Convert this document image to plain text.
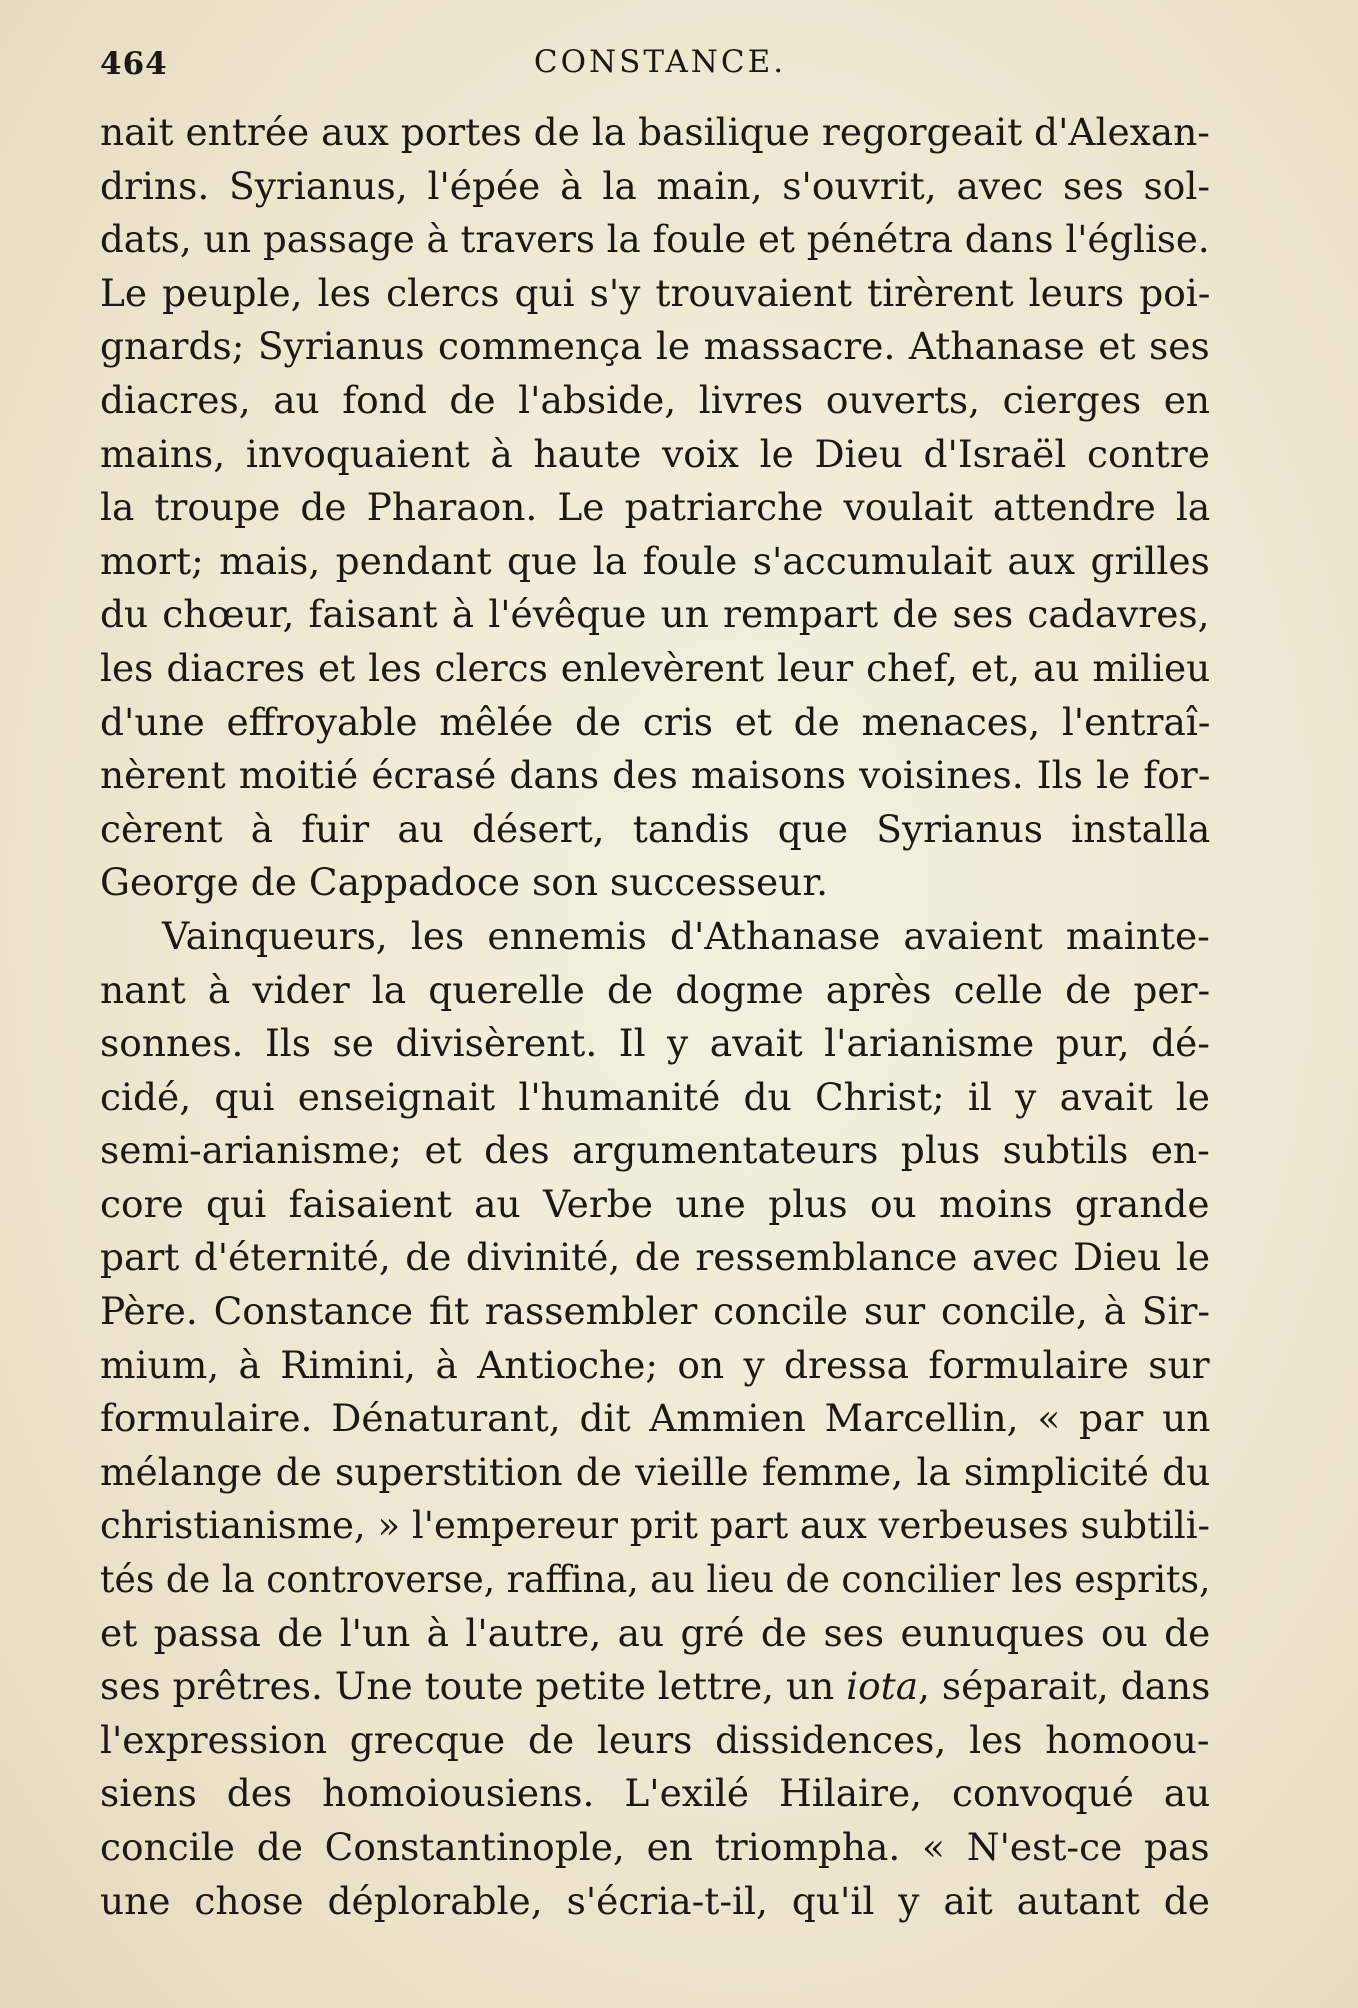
464	CONSTANCE.
nait entrée aux portes de la basilique regorgeait d'Alexan-
drins. Syrianus, l'épée à la main, s'ouvrit, avec ses sol-
dats, un passage à travers la foule et pénétra dans l'église.
Le peuple, les clercs qui s'y trouvaient tirèrent leurs poi-
gnards; Syrianus commença le massacre. Athanase et ses
diacres, au fond de l'abside, livres ouverts, cierges en
mains, invoquaient à haute voix le Dieu d'Israël contre
la troupe de Pharaon. Le patriarche voulait attendre la
mort; mais, pendant que la foule s'accumulait aux grilles
du chœur, faisant à l'évêque un rempart de ses cadavres,
les diacres et les clercs enlevèrent leur chef, et, au milieu
d'une effroyable mêlée de cris et de menaces, l'entraî-
nèrent moitié écrasé dans des maisons voisines. Ils le for-
cèrent à fuir au désert, tandis que Syrianus installa
George de Cappadoce son successeur.
Vainqueurs, les ennemis d'Athanase avaient mainte-
nant à vider la querelle de dogme après celle de per-
sonnes. Ils se divisèrent. Il y avait l'arianisme pur, dé-
cidé, qui enseignait l'humanité du Christ; il y avait le
semi-arianisme; et des argumentateurs plus subtils en-
core qui faisaient au Verbe une plus ou moins grande
part d'éternité, de divinité, de ressemblance avec Dieu le
Père. Constance fit rassembler concile sur concile, à Sir-
mium, à Rimini, à Antioche; on y dressa formulaire sur
formulaire. Dénaturant, dit Ammien Marcellin, « par un
mélange de superstition de vieille femme, la simplicité du
christianisme, » l'empereur prit part aux verbeuses subtili-
tés de la controverse, raffina, au lieu de concilier les esprits,
et passa de l'un à l'autre, au gré de ses eunuques ou de
ses prêtres. Une toute petite lettre, un iota, séparait, dans
l'expression grecque de leurs dissidences, les homoou-
siens des homoiousiens. L'exilé Hilaire, convoqué au
concile de Constantinople, en triompha. « N'est-ce pas
une chose déplorable, s'écria-t-il, qu'il y ait autant de
